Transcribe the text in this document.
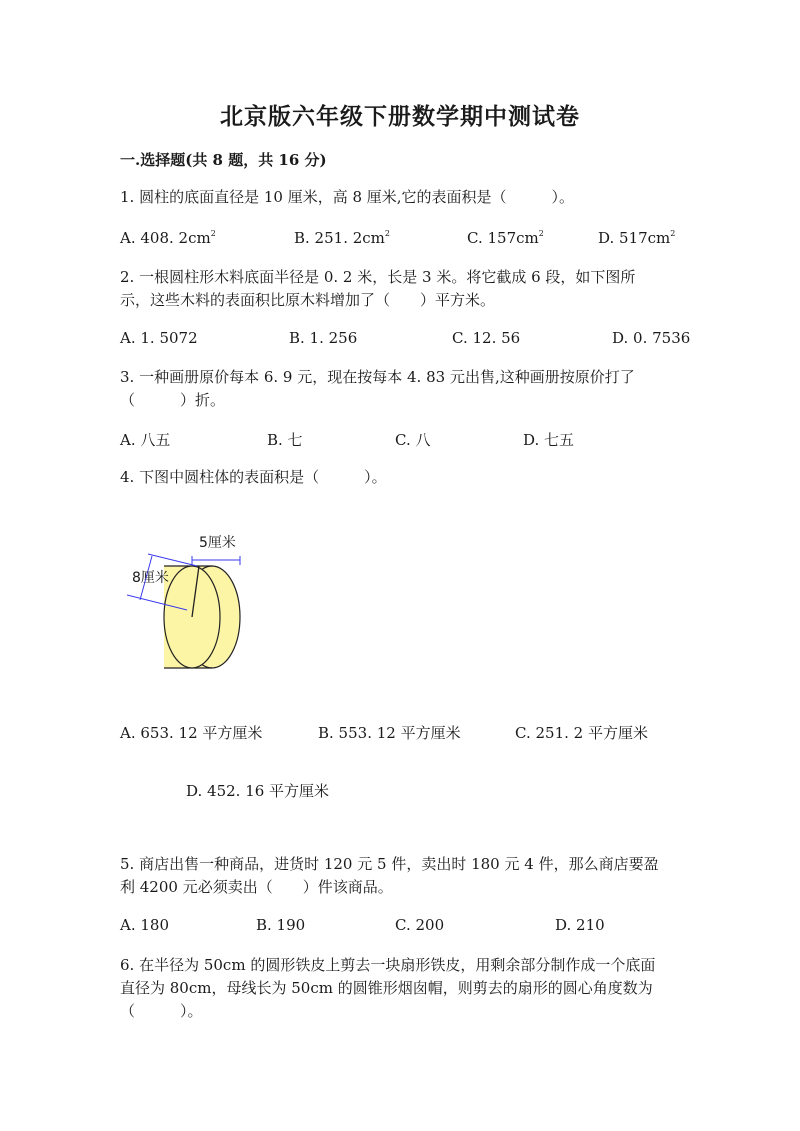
北京版六年级下册数学期中测试卷
一.选择题(共 8 题，共 16 分)
1. 圆柱的底面直径是 10 厘米，高 8 厘米,它的表面积是（　　　）。
A. 408. $2cm^2$	B. 251. $2cm^2$	C. $157cm^2$	D. $517cm^2$
2. 一根圆柱形木料底面半径是 0. 2 米，长是 3 米。将它截成 6 段，如下图所
示，这些木料的表面积比原木料增加了（　　）平方米。
A. 1. 5072	B. 1. 256	C. 12. 56	D. 0. 7536
3. 一种画册原价每本 6. 9 元，现在按每本 4. 83 元出售,这种画册按原价打了
（　　　）折。
A. 八五	B. 七	C. 八	D. 七五
4. 下图中圆柱体的表面积是（　　　）。
5厘米
8厘米
A. 653. 12 平方厘米	B. 553. 12 平方厘米	C. 251. 2 平方厘米
D. 452. 16 平方厘米
5. 商店出售一种商品，进货时 120 元 5 件，卖出时 180 元 4 件，那么商店要盈
利 4200 元必须卖出（　　）件该商品。
A. 180	B. 190	C. 200	D. 210
6. 在半径为 50cm 的圆形铁皮上剪去一块扇形铁皮，用剩余部分制作成一个底面
直径为 80cm，母线长为 50cm 的圆锥形烟囱帽，则剪去的扇形的圆心角度数为
（　　　）。
